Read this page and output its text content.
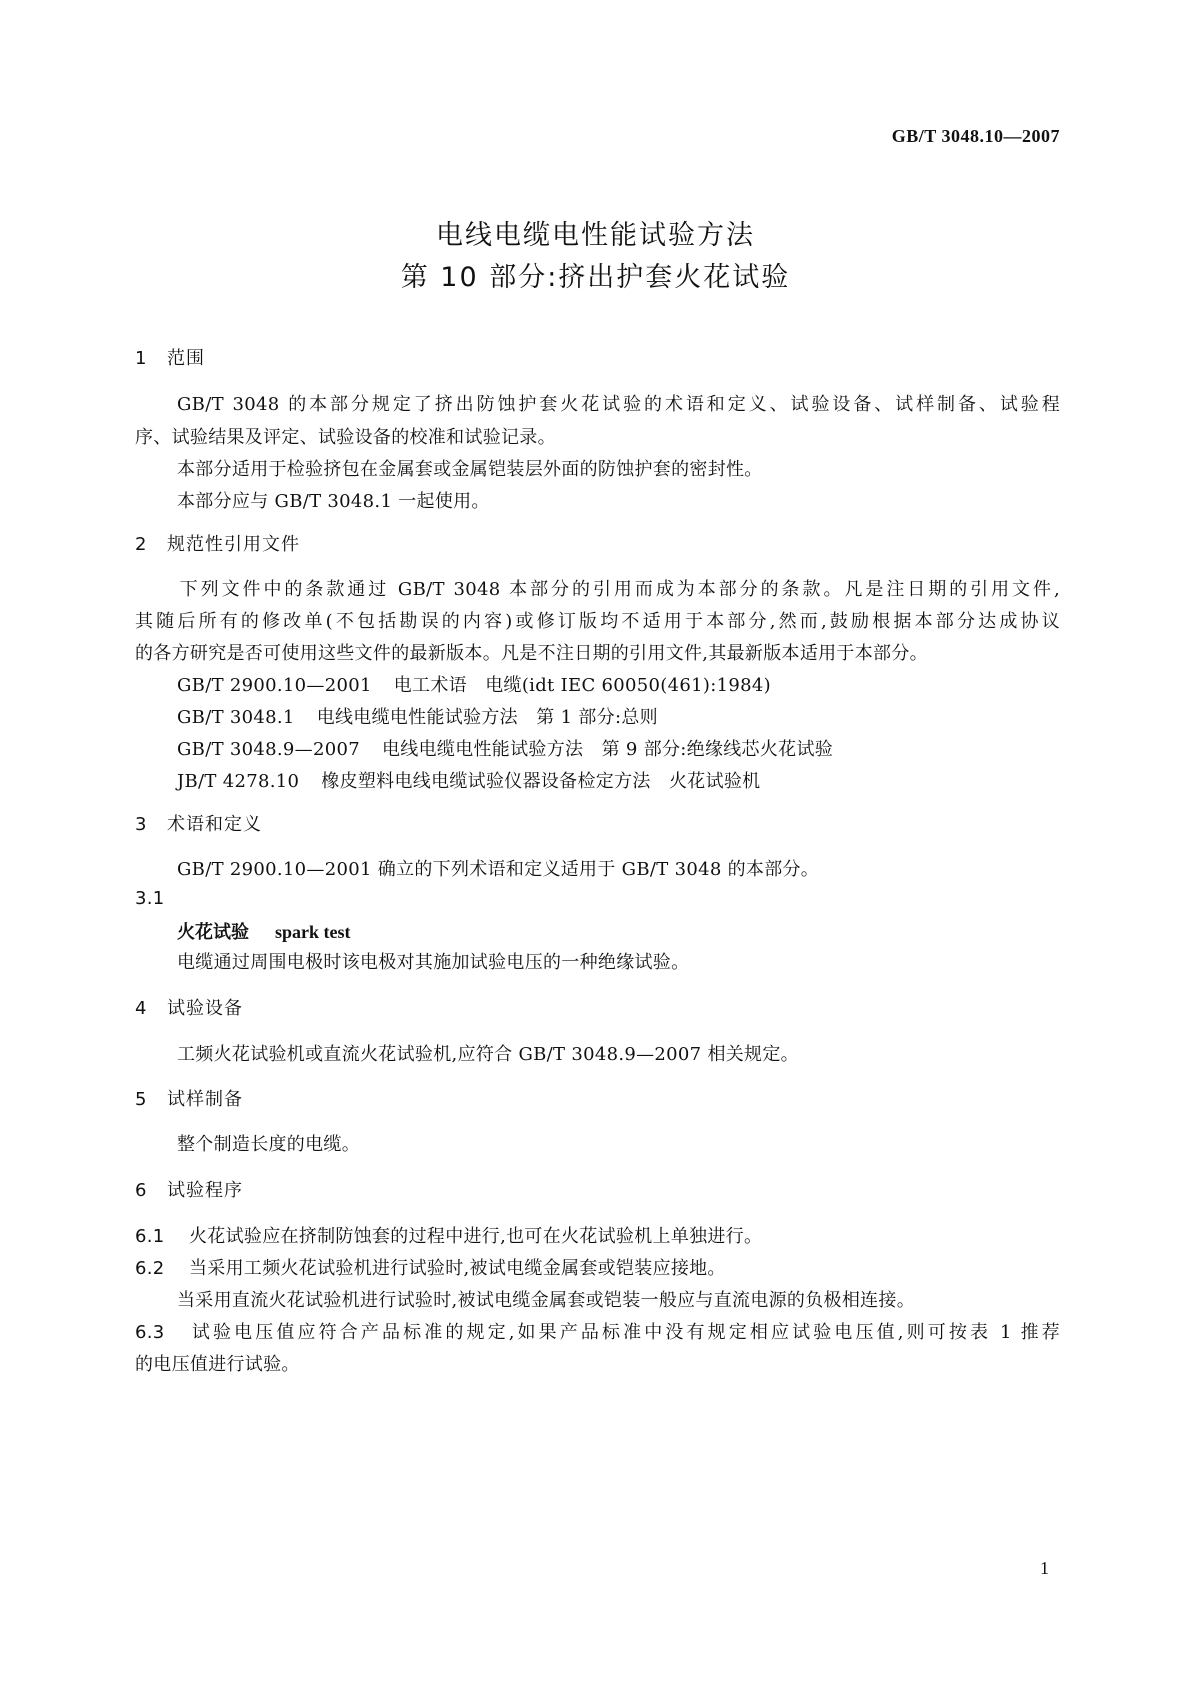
GB/T 3048.10—2007
电线电缆电性能试验方法
第 10 部分:挤出护套火花试验
1 范围
GB/T 3048 的本部分规定了挤出防蚀护套火花试验的术语和定义、试验设备、试样制备、试验程
序、试验结果及评定、试验设备的校准和试验记录。
本部分适用于检验挤包在金属套或金属铠装层外面的防蚀护套的密封性。
本部分应与 GB/T 3048.1 一起使用。
2 规范性引用文件
下列文件中的条款通过 GB/T 3048 本部分的引用而成为本部分的条款。凡是注日期的引用文件,
其随后所有的修改单(不包括勘误的内容)或修订版均不适用于本部分,然而,鼓励根据本部分达成协议
的各方研究是否可使用这些文件的最新版本。凡是不注日期的引用文件,其最新版本适用于本部分。
GB/T 2900.10—2001 电工术语　电缆(idt IEC 60050(461):1984)
GB/T 3048.1 电线电缆电性能试验方法　第 1 部分:总则
GB/T 3048.9—2007 电线电缆电性能试验方法　第 9 部分:绝缘线芯火花试验
JB/T 4278.10 橡皮塑料电线电缆试验仪器设备检定方法　火花试验机
3 术语和定义
GB/T 2900.10—2001 确立的下列术语和定义适用于 GB/T 3048 的本部分。
3.1
火花试验 spark test
电缆通过周围电极时该电极对其施加试验电压的一种绝缘试验。
4 试验设备
工频火花试验机或直流火花试验机,应符合 GB/T 3048.9—2007 相关规定。
5 试样制备
整个制造长度的电缆。
6 试验程序
6.1 火花试验应在挤制防蚀套的过程中进行,也可在火花试验机上单独进行。
6.2 当采用工频火花试验机进行试验时,被试电缆金属套或铠装应接地。
当采用直流火花试验机进行试验时,被试电缆金属套或铠装一般应与直流电源的负极相连接。
6.3 试验电压值应符合产品标准的规定,如果产品标准中没有规定相应试验电压值,则可按表 1 推荐
的电压值进行试验。
1
